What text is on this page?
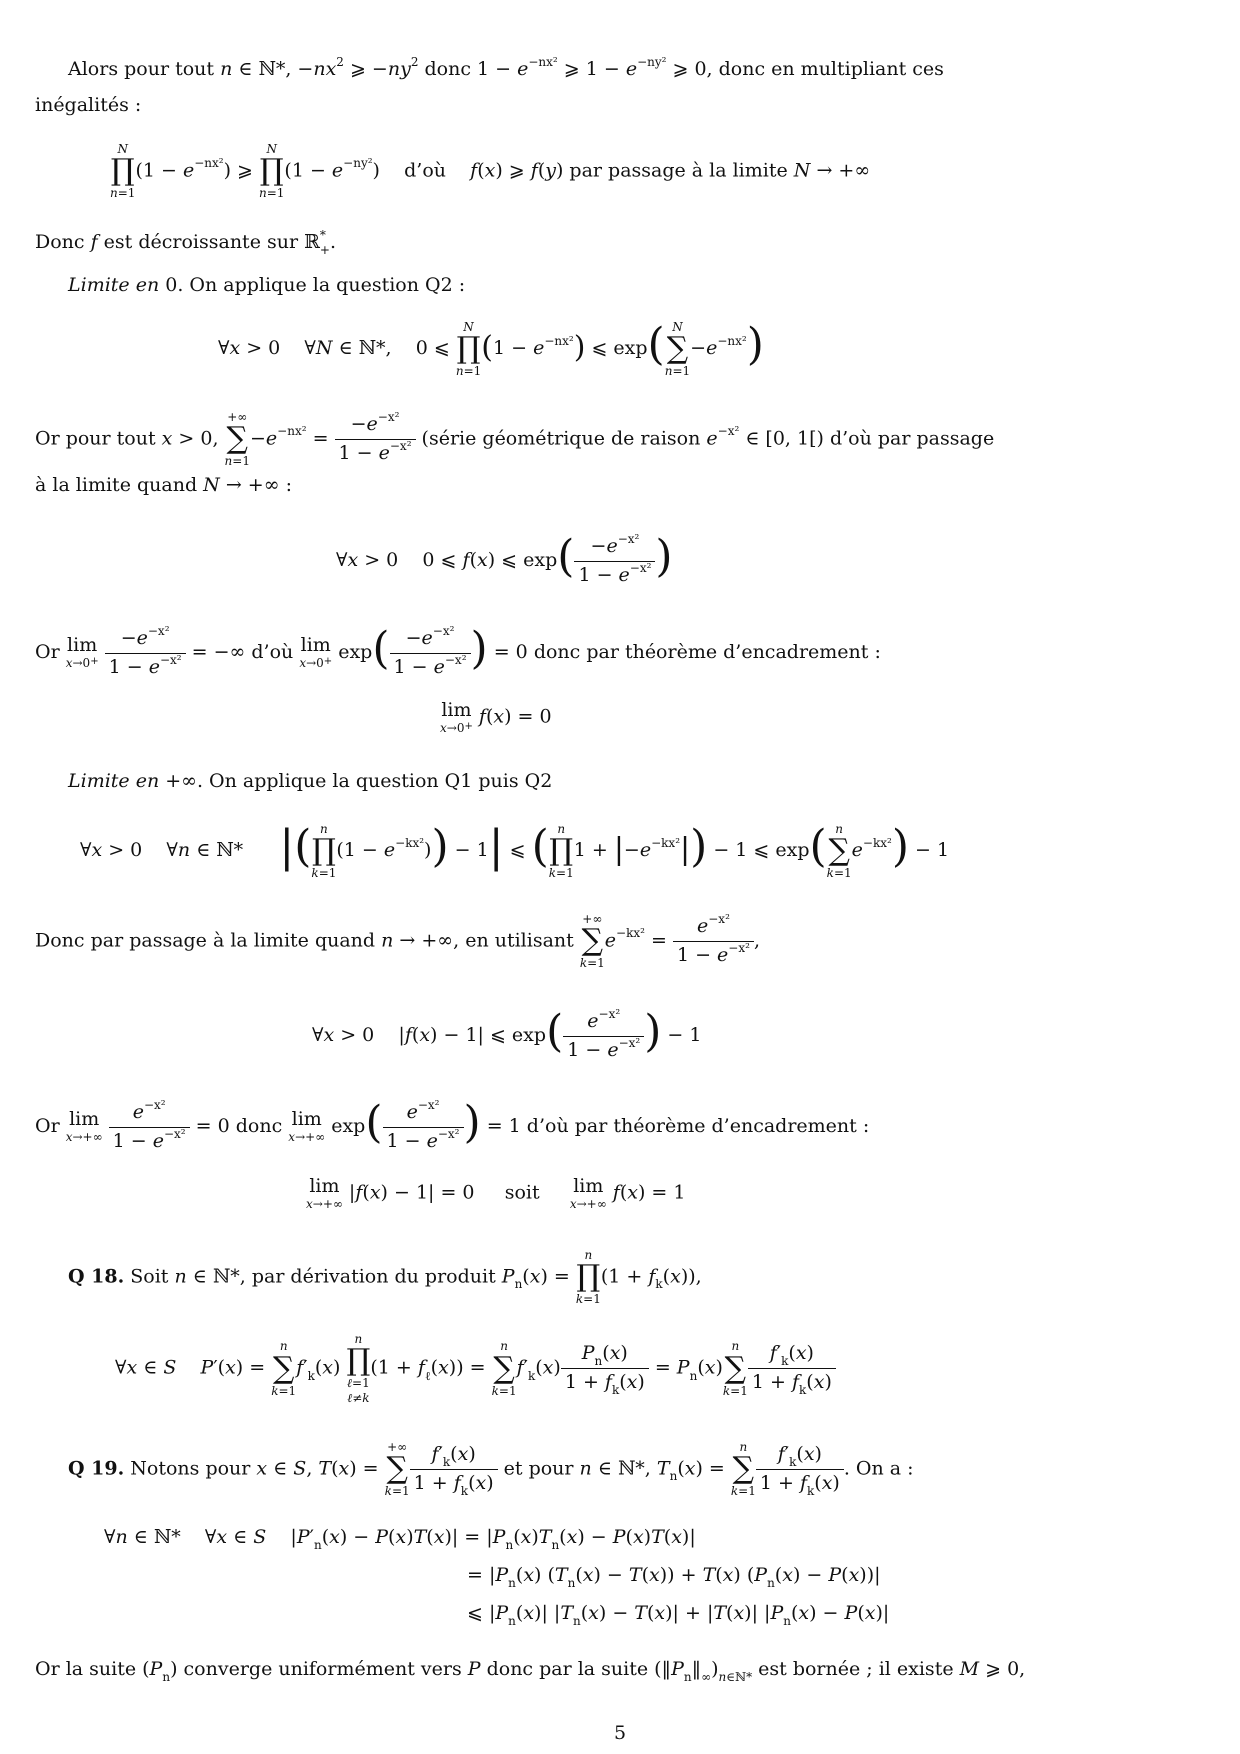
Alors pour tout n ∈ ℕ*, $-nx^2$ ⩾ $-ny^2$ donc $1 - e^{-nx^2}$ ⩾ $1 - e^{-ny^2}$ ⩾ 0, donc en multipliant ces
inégalités :
N
∏
n=1
$(1 - e^{-nx^2})$ ⩾
N
∏
n=1
$(1 - e^{-ny^2})$    d’où    f(x) ⩾ f(y) par passage à la limite N → +∞
Donc f est décroissante sur ℝ*$_+$.
Limite en 0. On applique la question Q2 :
∀x > 0    ∀N ∈ ℕ*,    0 ⩽
N
∏
n=1
$(1 - e^{-nx^2})$ ⩽ exp( N
∑
n=1
$-e^{-nx^2}$)
Or pour tout x > 0,
+∞
∑
n=1
$-e^{-nx^2} = \frac{-e^{-x^2}}{1 - e^{-x^2}}$ (série géométrique de raison $e^{-x^2}$ ∈ [0, 1[) d’où par passage
à la limite quand N → +∞ :
∀x > 0    0 ⩽ f(x) ⩽ $\exp( \frac{-e^{-x^2}}{1 - e^{-x^2}}$ )
Or lim
x→0+
$\frac{-e^{-x^2}}{1 - e^{-x^2}}$ = −∞ d’où lim
x→0+ $\exp( \frac{-e^{-x^2}}{1 - e^{-x^2}}$ ) = 0 donc par théorème d’encadrement :
lim
x→0+ f(x) = 0
Limite en +∞. On applique la question Q1 puis Q2
∀x > 0    ∀n ∈ ℕ*      |( n
∏
k=1
$(1 - e^{-kx^2})) - 1|$ ⩽ ( n
∏
k=1
$1 + |-e^{-kx^2}|) - 1$ ⩽ exp( n
∑
k=1
$e^{-kx^2}) - 1$
Donc par passage à la limite quand n → +∞, en utilisant
+∞
∑
k=1
$e^{-kx^2} = \frac{e^{-x^2}}{1 - e^{-x^2}}$ ,
∀x > 0    |f(x) − 1| ⩽ $\exp( \frac{e^{-x^2}}{1 - e^{-x^2}}$ ) − 1
Or lim
x→+∞
$\frac{e^{-x^2}}{1 - e^{-x^2}} = 0$ donc lim
x→+∞
$\exp( \frac{e^{-x^2}}{1 - e^{-x^2}}$ ) = 1 d’où par théorème d’encadrement :
lim
x→+∞
|f(x) − 1| = 0     soit lim
x→+∞
f(x) = 1
Q 18. Soit n ∈ ℕ*, par dérivation du produit $P_n(x)$ =
n
∏
k=1
$(1 + f_k(x))$,
∀x ∈ S P′(x) =
n
∑
k=1
$f'_k(x)$
n
∏
ℓ=1
ℓ≠k
$(1 + f_\ell(x))$ =
n
∑
k=1
$f'_k(x) \frac{P_n(x)}{1 + f_k(x)} = P_n(x)$
n
∑
$k=1 \frac{f'_k(x)}{1 + f_k(x)}$
Q 19. Notons pour x ∈ S, T(x) =
+∞
∑
$k=1 \frac{f'_k(x)}{1 + f_k(x)}$ et pour n ∈ ℕ*, $T_n(x)$ =
n
∑
$k=1 \frac{f'_k(x)}{1 + f_k(x)}$ . On a :
∀n ∈ ℕ*    ∀x ∈ S    $|P'_n(x) - P(x)T(x)| = |P_n(x)T_n(x) - P(x)T(x)|$
= $|P_n(x) (T_n(x) - T(x)) + T(x) (P_n(x) - P(x))|$
⩽ $|P_n(x)|$ $|T_n(x) - T(x)| + |T(x)|$ $|P_n(x) - P(x)|$
Or la suite $(P_n)$ converge uniformément vers P donc par la suite $(‖P_n‖_\infty)_{n\in ℕ*}$ est bornée ; il existe M ⩾ 0,
5
